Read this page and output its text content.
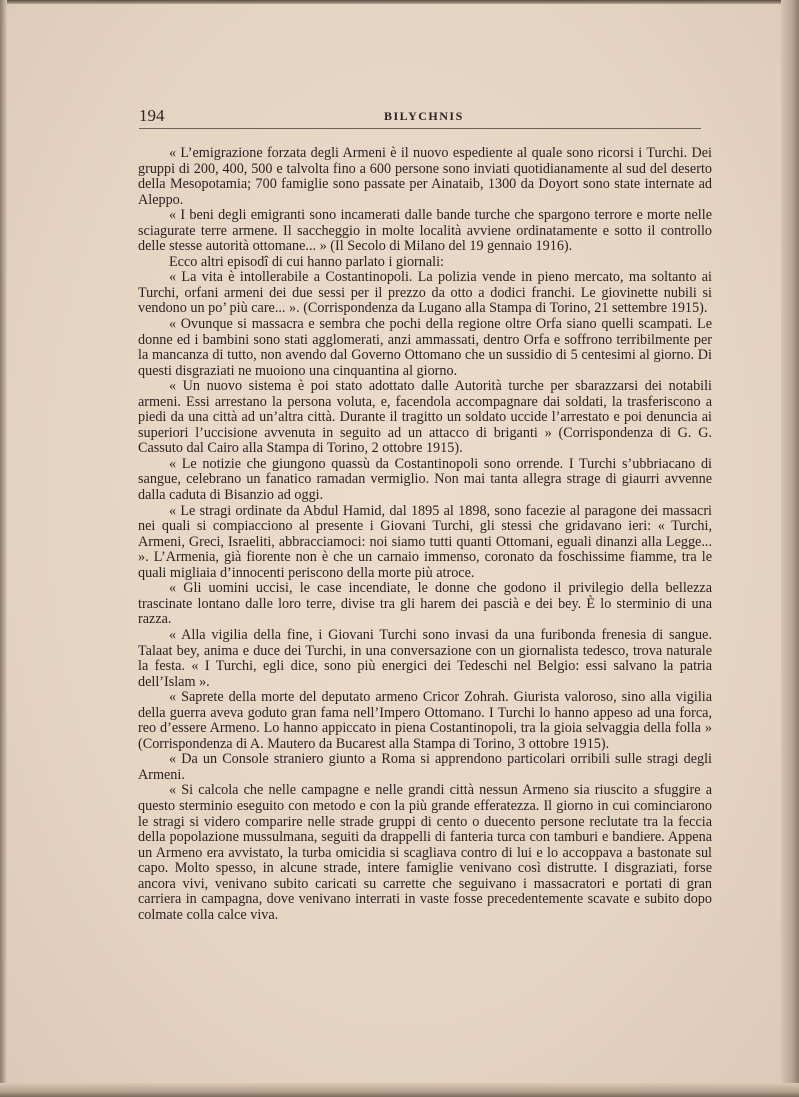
194	BILYCHNIS

« L’emigrazione forzata degli Armeni è il nuovo espediente al quale sono ricorsi i Turchi. Dei gruppi di 200, 400, 500 e talvolta fino a 600 persone sono inviati quotidianamente al sud del deserto della Mesopotamia; 700 famiglie sono passate per Ainataib, 1300 da Doyort sono state internate ad Aleppo.

« I beni degli emigranti sono incamerati dalle bande turche che spargono terrore e morte nelle sciagurate terre armene. Il saccheggio in molte località avviene ordinatamente e sotto il controllo delle stesse autorità ottomane... » (Il Secolo di Milano del 19 gennaio 1916).

Ecco altri episodî di cui hanno parlato i giornali:

« La vita è intollerabile a Costantinopoli. La polizia vende in pieno mercato, ma soltanto ai Turchi, orfani armeni dei due sessi per il prezzo da otto a dodici franchi. Le giovinette nubili si vendono un po’ più care... ». (Corrispondenza da Lugano alla Stampa di Torino, 21 settembre 1915).

« Ovunque si massacra e sembra che pochi della regione oltre Orfa siano quelli scampati. Le donne ed i bambini sono stati agglomerati, anzi ammassati, dentro Orfa e soffrono terribilmente per la mancanza di tutto, non avendo dal Governo Ottomano che un sussidio di 5 centesimi al giorno. Di questi disgraziati ne muoiono una cinquantina al giorno.

« Un nuovo sistema è poi stato adottato dalle Autorità turche per sbarazzarsi dei notabili armeni. Essi arrestano la persona voluta, e, facendola accompagnare dai soldati, la trasferiscono a piedi da una città ad un’altra città. Durante il tragitto un soldato uccide l’arrestato e poi denuncia ai superiori l’uccisione avvenuta in seguito ad un attacco di briganti » (Corrispondenza di G. G. Cassuto dal Cairo alla Stampa di Torino, 2 ottobre 1915).

« Le notizie che giungono quassù da Costantinopoli sono orrende. I Turchi s’ubbriacano di sangue, celebrano un fanatico ramadan vermiglio. Non mai tanta allegra strage di giaurri avvenne dalla caduta di Bisanzio ad oggi.

« Le stragi ordinate da Abdul Hamid, dal 1895 al 1898, sono facezie al paragone dei massacri nei quali si compiacciono al presente i Giovani Turchi, gli stessi che gridavano ieri: « Turchi, Armeni, Greci, Israeliti, abbracciamoci: noi siamo tutti quanti Ottomani, eguali dinanzi alla Legge... ». L’Armenia, già fiorente non è che un carnaio immenso, coronato da foschissime fiamme, tra le quali migliaia d’innocenti periscono della morte più atroce.

« Gli uomini uccisi, le case incendiate, le donne che godono il privilegio della bellezza trascinate lontano dalle loro terre, divise tra gli harem dei pascià e dei bey. È lo sterminio di una razza.

« Alla vigilia della fine, i Giovani Turchi sono invasi da una furibonda frenesia di sangue. Talaat bey, anima e duce dei Turchi, in una conversazione con un giornalista tedesco, trova naturale la festa. « I Turchi, egli dice, sono più energici dei Tedeschi nel Belgio: essi salvano la patria dell’Islam ».

« Saprete della morte del deputato armeno Cricor Zohrah. Giurista valoroso, sino alla vigilia della guerra aveva goduto gran fama nell’Impero Ottomano. I Turchi lo hanno appeso ad una forca, reo d’essere Armeno. Lo hanno appiccato in piena Costantinopoli, tra la gioia selvaggia della folla » (Corrispondenza di A. Mautero da Bucarest alla Stampa di Torino, 3 ottobre 1915).

« Da un Console straniero giunto a Roma si apprendono particolari orribili sulle stragi degli Armeni.

« Si calcola che nelle campagne e nelle grandi città nessun Armeno sia riuscito a sfuggire a questo sterminio eseguito con metodo e con la più grande efferatezza. Il giorno in cui cominciarono le stragi si videro comparire nelle strade gruppi di cento o duecento persone reclutate tra la feccia della popolazione mussulmana, seguiti da drappelli di fanteria turca con tamburi e bandiere. Appena un Armeno era avvistato, la turba omicidia si scagliava contro di lui e lo accoppava a bastonate sul capo. Molto spesso, in alcune strade, intere famiglie venivano così distrutte. I disgraziati, forse ancora vivi, venivano subito caricati su carrette che seguivano i massacratori e portati di gran carriera in campagna, dove venivano interrati in vaste fosse precedentemente scavate e subito dopo colmate colla calce viva.
